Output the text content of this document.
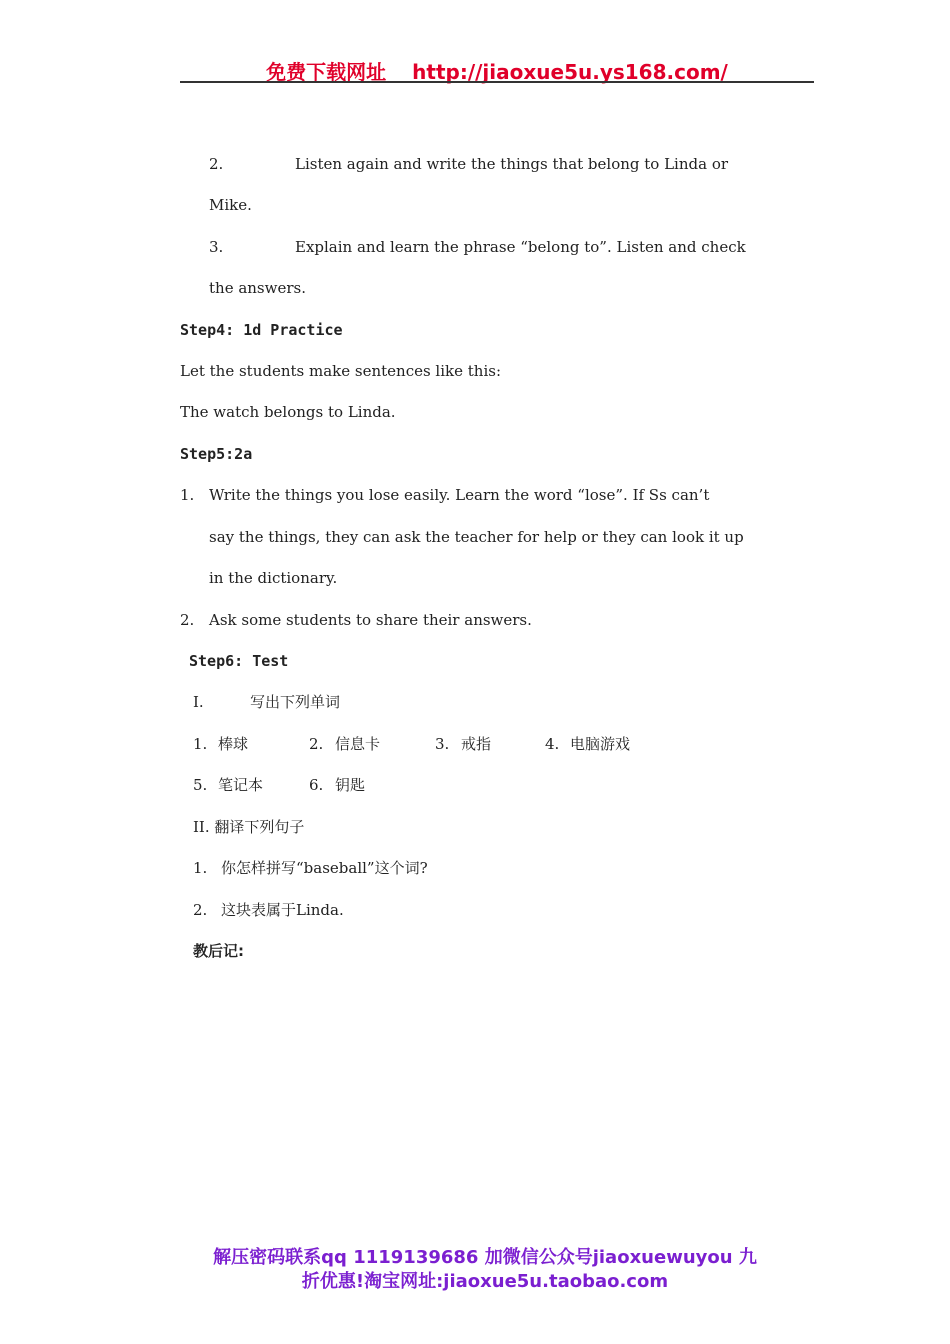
免费下载网址 http://jiaoxue5u.ys168.com/
2.	Listen again and write the things that belong to Linda or
Mike.
3.	Explain and learn the phrase “belong to”. Listen and check
the answers.
Step4: 1d Practice
Let the students make sentences like this:
The watch belongs to Linda.
Step5:2a
1. Write the things you lose easily. Learn the word “lose”. If Ss can’t
say the things, they can ask the teacher for help or they can look it up
in the dictionary.
2. Ask some students to share their answers.
Step6: Test
I.	写出下列单词
1. 棒球	2. 信息卡	3. 戒指	4. 电脑游戏
5. 笔记本	6. 钥匙
II. 翻译下列句子
1. 你怎样拼写“baseball”这个词?
2. 这块表属于Linda.
教后记:
解压密码联系qq 1119139686 加微信公众号jiaoxuewuyou 九
折优惠!淘宝网址:jiaoxue5u.taobao.com
